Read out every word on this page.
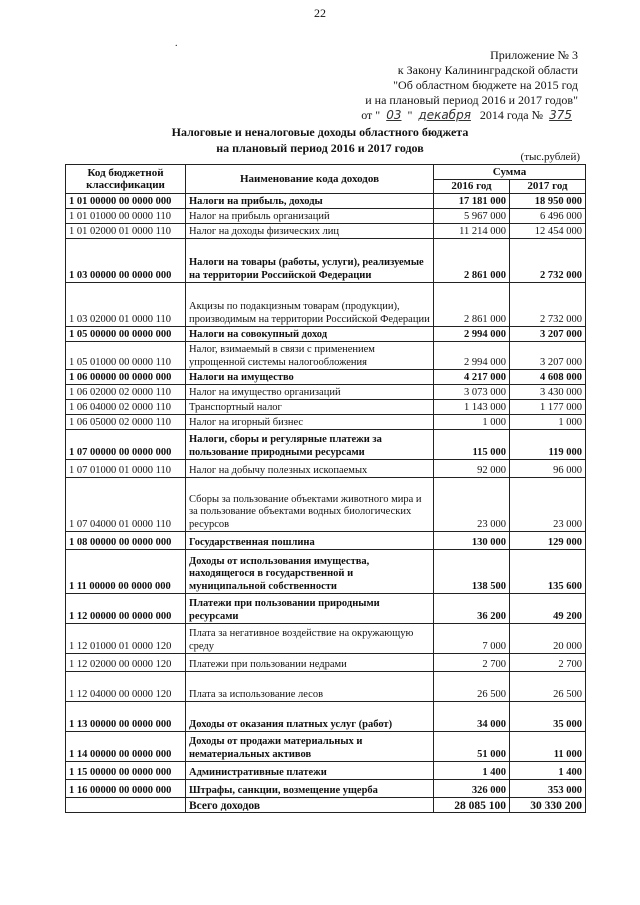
22
.
Приложение № 3
к Закону Калининградской области
"Об областном бюджете на 2015 год
и на плановый период 2016 и 2017 годов"
от " 03 " декабря 2014 года № 375
Налоговые и неналоговые доходы областного бюджета
на плановый период 2016 и 2017 годов
(тыс.рублей)
Код бюджетной классификации	Наименование кода доходов	Сумма	
		2016 год	2017 год
1 01 00000 00 0000 000	Налоги на прибыль, доходы	17 181 000	18 950 000
1 01 01000 00 0000 110	Налог на прибыль организаций	5 967 000	6 496 000
1 01 02000 01 0000 110	Налог на доходы физических лиц	11 214 000	12 454 000
1 03 00000 00 0000 000	Налоги на товары (работы, услуги), реализуемые на территории Российской Федерации	2 861 000	2 732 000
1 03 02000 01 0000 110	Акцизы по подакцизным товарам (продукции), производимым на территории Российской Федерации	2 861 000	2 732 000
1 05 00000 00 0000 000	Налоги на совокупный доход	2 994 000	3 207 000
1 05 01000 00 0000 110	Налог, взимаемый в связи с применением упрощенной системы налогообложения	2 994 000	3 207 000
1 06 00000 00 0000 000	Налоги на имущество	4 217 000	4 608 000
1 06 02000 02 0000 110	Налог на имущество организаций	3 073 000	3 430 000
1 06 04000 02 0000 110	Транспортный налог	1 143 000	1 177 000
1 06 05000 02 0000 110	Налог на игорный бизнес	1 000	1 000
1 07 00000 00 0000 000	Налоги, сборы и регулярные платежи за пользование природными ресурсами	115 000	119 000
1 07 01000 01 0000 110	Налог на добычу полезных ископаемых	92 000	96 000
1 07 04000 01 0000 110	Сборы за пользование объектами животного мира и за пользование объектами водных биологических ресурсов	23 000	23 000
1 08 00000 00 0000 000	Государственная пошлина	130 000	129 000
1 11 00000 00 0000 000	Доходы от использования имущества, находящегося в государственной и муниципальной собственности	138 500	135 600
1 12 00000 00 0000 000	Платежи при пользовании природными ресурсами	36 200	49 200
1 12 01000 01 0000 120	Плата за негативное воздействие на окружающую среду	7 000	20 000
1 12 02000 00 0000 120	Платежи при пользовании недрами	2 700	2 700
1 12 04000 00 0000 120	Плата за использование лесов	26 500	26 500
1 13 00000 00 0000 000	Доходы от оказания платных услуг (работ)	34 000	35 000
1 14 00000 00 0000 000	Доходы от продажи материальных и нематериальных активов	51 000	11 000
1 15 00000 00 0000 000	Административные платежи	1 400	1 400
1 16 00000 00 0000 000	Штрафы, санкции, возмещение ущерба	326 000	353 000
	Всего доходов	28 085 100	30 330 200
